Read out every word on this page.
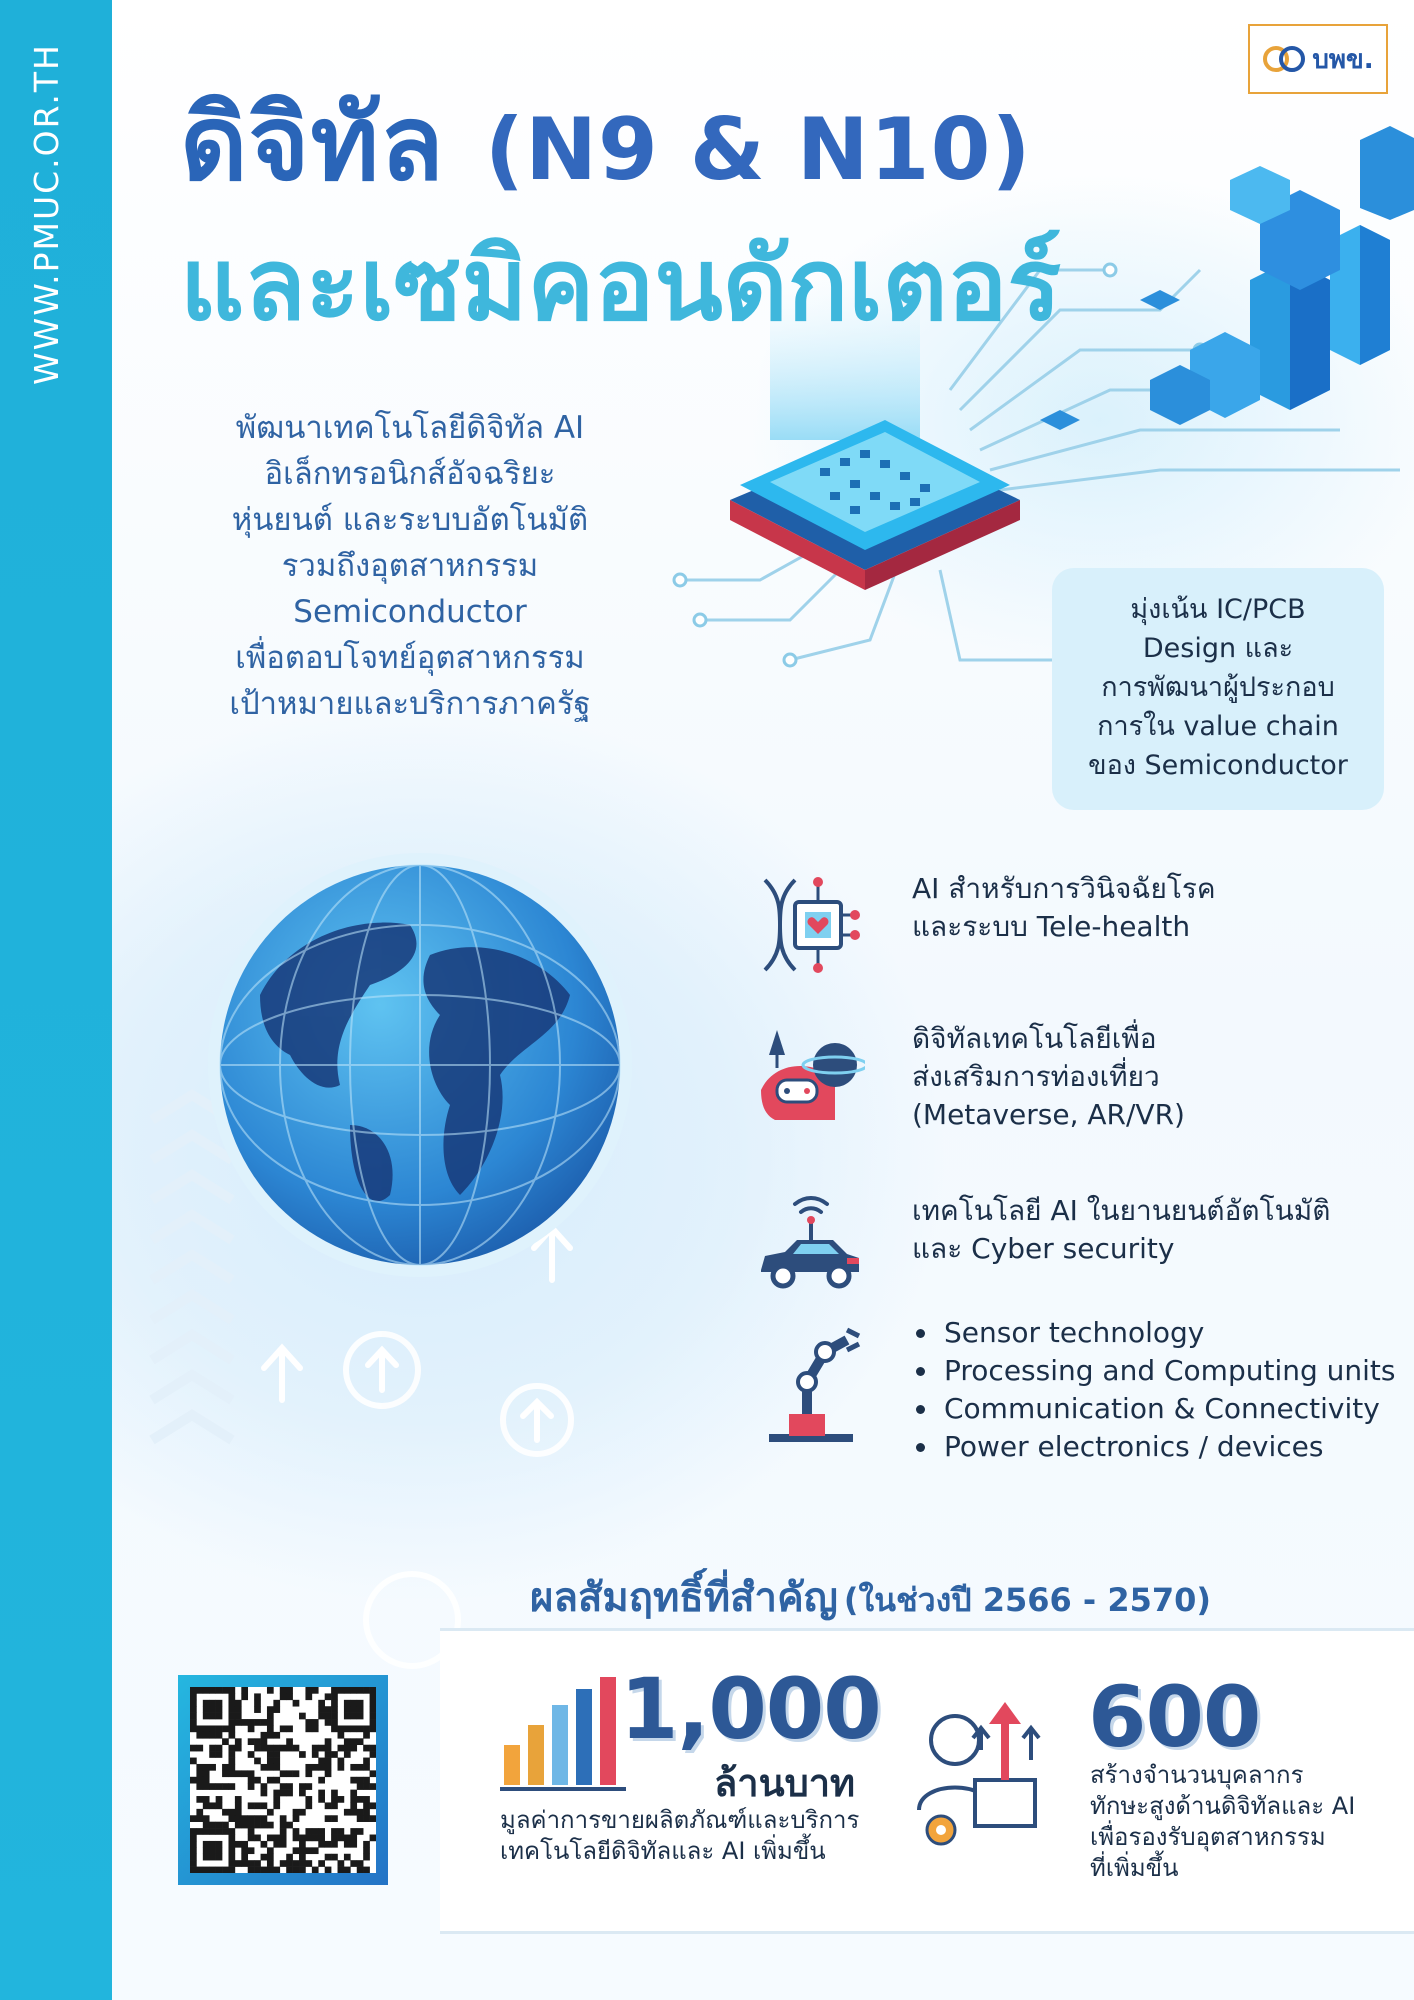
WWW.PMUC.OR.TH	บพข.
ดิจิทัล (N9 & N10)
และเซมิคอนดักเตอร์
พัฒนาเทคโนโลยีดิจิทัล AI
อิเล็กทรอนิกส์อัจฉริยะ
หุ่นยนต์ และระบบอัตโนมัติ
รวมถึงอุตสาหกรรม
Semiconductor
เพื่อตอบโจทย์อุตสาหกรรม
เป้าหมายและบริการภาครัฐ
มุ่งเน้น IC/PCB
Design และ
การพัฒนาผู้ประกอบ
การใน value chain
ของ Semiconductor
AI สำหรับการวินิจฉัยโรค
และระบบ Tele-health
ดิจิทัลเทคโนโลยีเพื่อ
ส่งเสริมการท่องเที่ยว
(Metaverse, AR/VR)
เทคโนโลยี AI ในยานยนต์อัตโนมัติ
และ Cyber security
Sensor technology
Processing and Computing units
Communication & Connectivity
Power electronics / devices
ผลสัมฤทธิ์ที่สำคัญ (ในช่วงปี 2566 - 2570)
1,000
ล้านบาท
มูลค่าการขายผลิตภัณฑ์และบริการ
เทคโนโลยีดิจิทัลและ AI เพิ่มขึ้น
600
สร้างจำนวนบุคลากร
ทักษะสูงด้านดิจิทัลและ AI
เพื่อรองรับอุตสาหกรรม
ที่เพิ่มขึ้น
